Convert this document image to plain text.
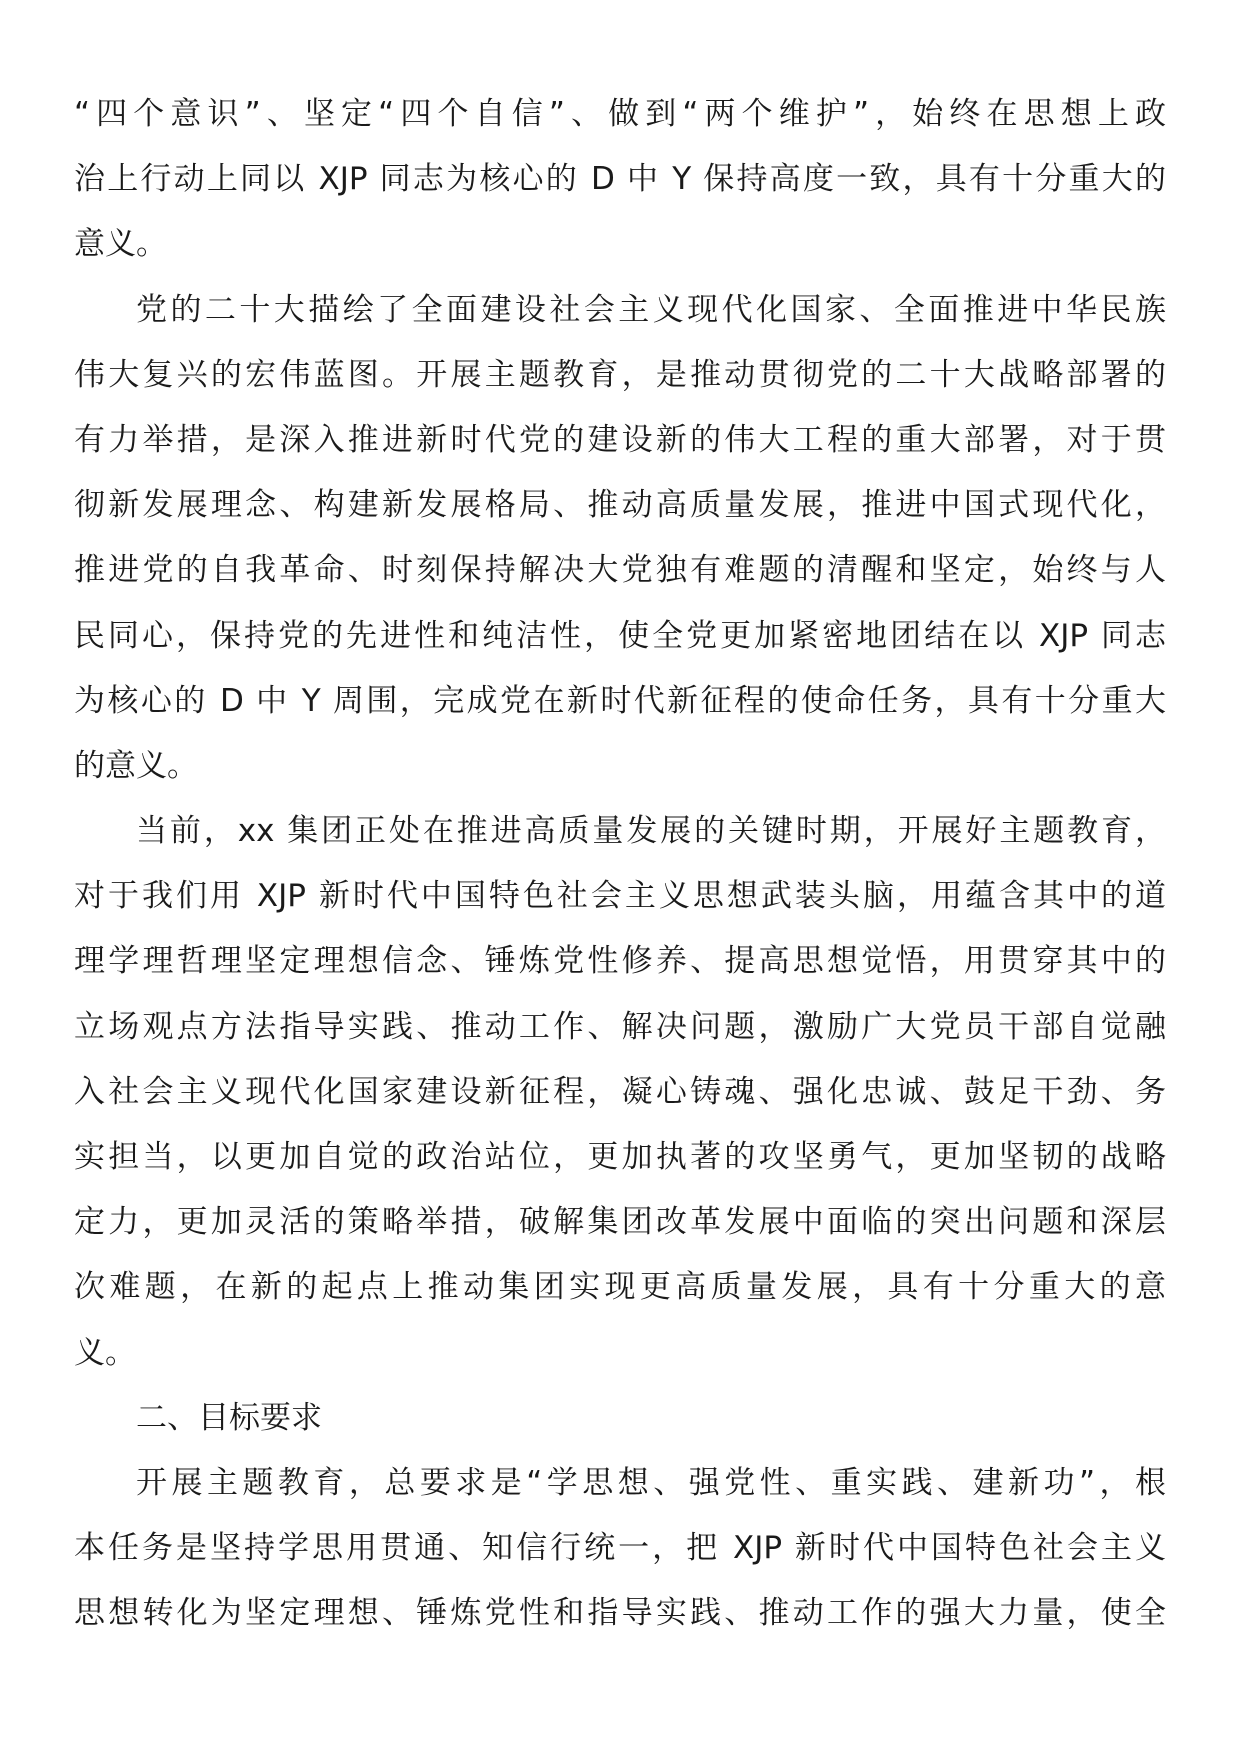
“四个意识”、坚定“四个自信”、做到“两个维护”，始终在思想上政
治上行动上同以 XJP 同志为核心的 D 中 Y 保持高度一致，具有十分重大的
意义。
党的二十大描绘了全面建设社会主义现代化国家、全面推进中华民族
伟大复兴的宏伟蓝图。开展主题教育，是推动贯彻党的二十大战略部署的
有力举措，是深入推进新时代党的建设新的伟大工程的重大部署，对于贯
彻新发展理念、构建新发展格局、推动高质量发展，推进中国式现代化，
推进党的自我革命、时刻保持解决大党独有难题的清醒和坚定，始终与人
民同心，保持党的先进性和纯洁性，使全党更加紧密地团结在以 XJP 同志
为核心的 D 中 Y 周围，完成党在新时代新征程的使命任务，具有十分重大
的意义。
当前，xx 集团正处在推进高质量发展的关键时期，开展好主题教育，
对于我们用 XJP 新时代中国特色社会主义思想武装头脑，用蕴含其中的道
理学理哲理坚定理想信念、锤炼党性修养、提高思想觉悟，用贯穿其中的
立场观点方法指导实践、推动工作、解决问题，激励广大党员干部自觉融
入社会主义现代化国家建设新征程，凝心铸魂、强化忠诚、鼓足干劲、务
实担当，以更加自觉的政治站位，更加执著的攻坚勇气，更加坚韧的战略
定力，更加灵活的策略举措，破解集团改革发展中面临的突出问题和深层
次难题，在新的起点上推动集团实现更高质量发展，具有十分重大的意
义。
二、目标要求
开展主题教育，总要求是“学思想、强党性、重实践、建新功”，根
本任务是坚持学思用贯通、知信行统一，把 XJP 新时代中国特色社会主义
思想转化为坚定理想、锤炼党性和指导实践、推动工作的强大力量，使全
